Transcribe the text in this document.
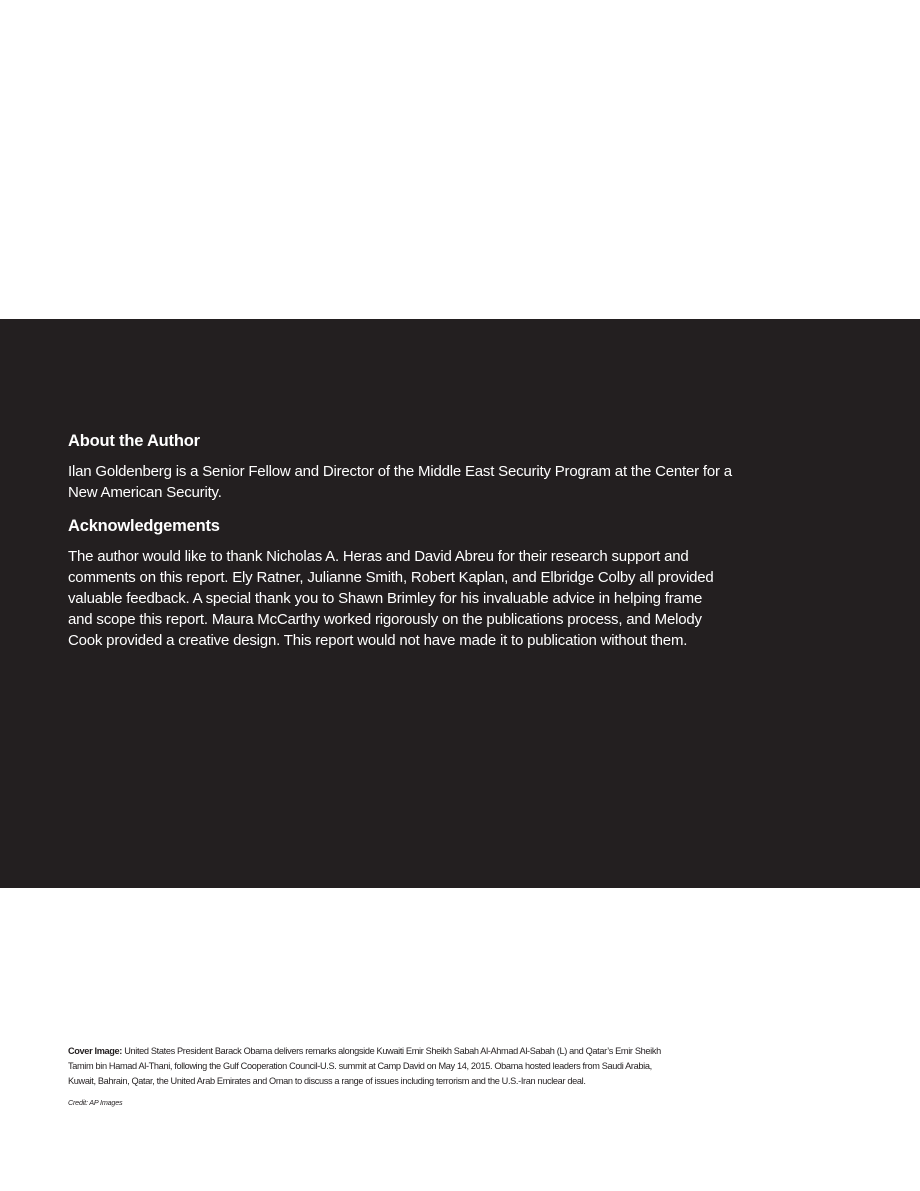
About the Author

Ilan Goldenberg is a Senior Fellow and Director of the Middle East Security Program at the Center for a
New American Security.

Acknowledgements

The author would like to thank Nicholas A. Heras and David Abreu for their research support and
comments on this report. Ely Ratner, Julianne Smith, Robert Kaplan, and Elbridge Colby all provided
valuable feedback. A special thank you to Shawn Brimley for his invaluable advice in helping frame
and scope this report. Maura McCarthy worked rigorously on the publications process, and Melody
Cook provided a creative design. This report would not have made it to publication without them.

Cover Image: United States President Barack Obama delivers remarks alongside Kuwaiti Emir Sheikh Sabah Al-Ahmad Al-Sabah (L) and Qatar’s Emir Sheikh
Tamim bin Hamad Al-Thani, following the Gulf Cooperation Council-U.S. summit at Camp David on May 14, 2015. Obama hosted leaders from Saudi Arabia,
Kuwait, Bahrain, Qatar, the United Arab Emirates and Oman to discuss a range of issues including terrorism and the U.S.-Iran nuclear deal.

Credit: AP Images
